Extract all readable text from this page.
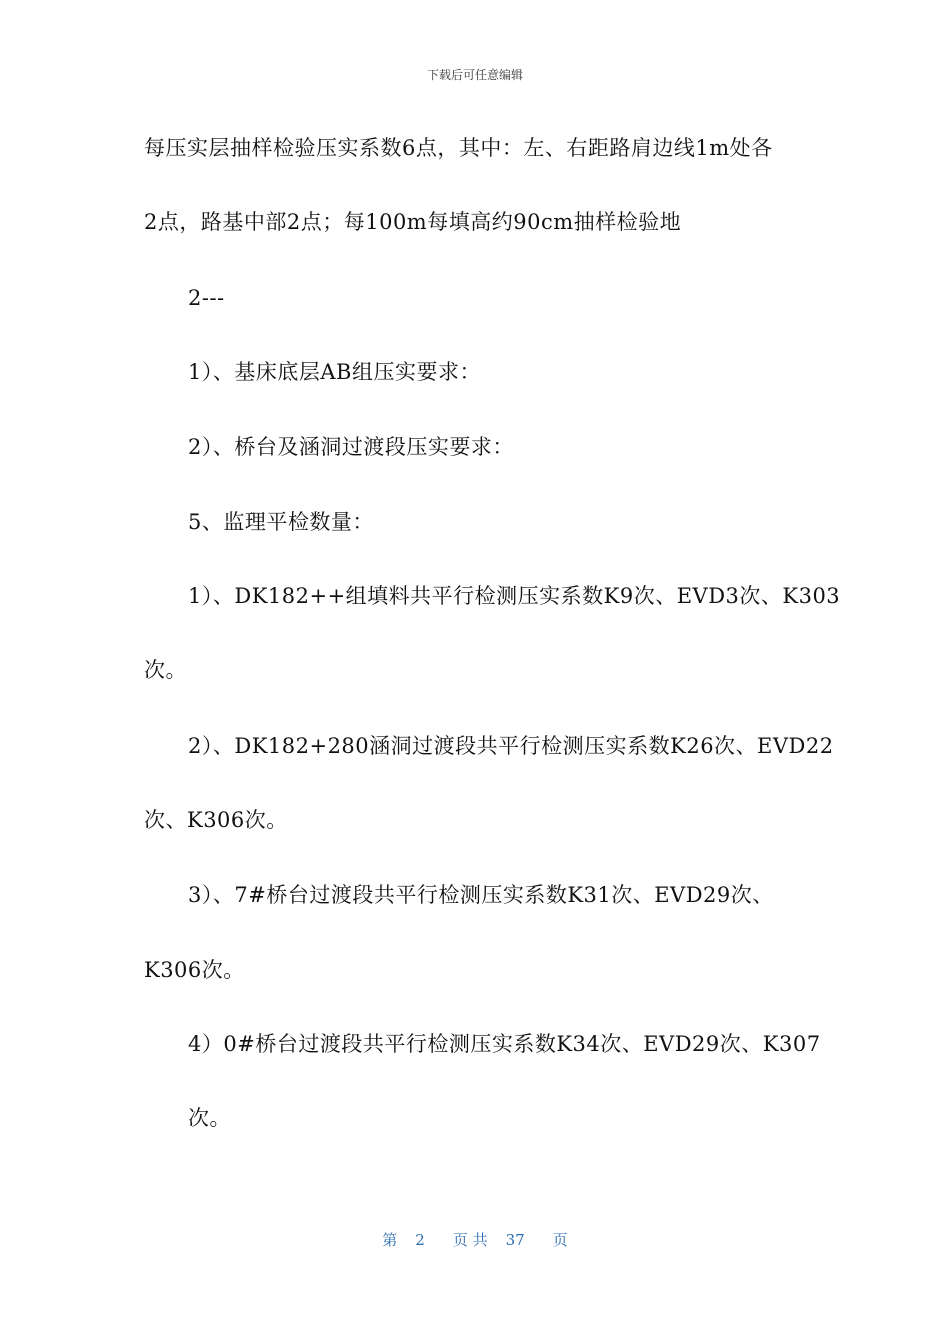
下载后可任意编辑
每压实层抽样检验压实系数6点，其中：左、右距路肩边线1m处各
2点，路基中部2点；每100m每填高约90cm抽样检验地
2---
1）、基床底层AB组压实要求：
2）、桥台及涵洞过渡段压实要求：
5、监理平检数量：
1）、DK182++组填料共平行检测压实系数K9次、EVD3次、K303
次。
2）、DK182+280涵洞过渡段共平行检测压实系数K26次、EVD22
次、K306次。
3）、7#桥台过渡段共平行检测压实系数K31次、EVD29次、
K306次。
4）0#桥台过渡段共平行检测压实系数K34次、EVD29次、K307
次。
第 2 页 共 37 页
